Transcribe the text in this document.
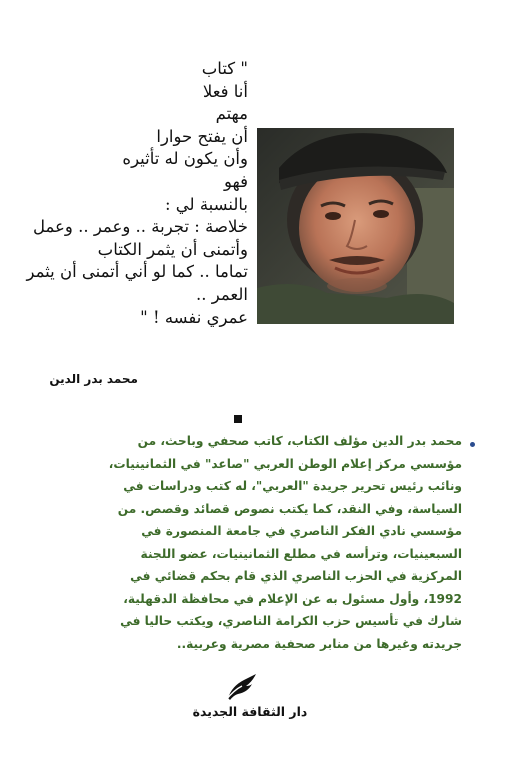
" كتاب
أنا فعلا
مهتم
أن يفتح حوارا
وأن يكون له تأثيره
فهو
بالنسبة لي :
خلاصة : تجربة .. وعمر .. وعمل
وأتمنى أن يثمر الكتاب
تماما .. كما لو أني أتمنى أن يثمر
العمر ..
عمري نفسه ! "
محمد بدر الدين
محمد بدر الدين مؤلف الكتاب، كاتب صحفي وباحث، من
مؤسسي مركز إعلام الوطن العربي "صاعد" في الثمانينيات،
ونائب رئيس تحرير جريدة "العربي"، له كتب ودراسات في
السياسة، وفي النقد، كما يكتب نصوص قصائد وقصص. من
مؤسسي نادي الفكر الناصري في جامعة المنصورة في
السبعينيات، وترأسه في مطلع الثمانينيات، عضو اللجنة
المركزية في الحزب الناصري الذي قام بحكم قضائي في
1992، وأول مسئول به عن الإعلام في محافظة الدقهلية،
شارك في تأسيس حزب الكرامة الناصري، ويكتب حاليا في
جريدته وغيرها من منابر صحفية مصرية وعربية..
دار الثقافة الجديدة
